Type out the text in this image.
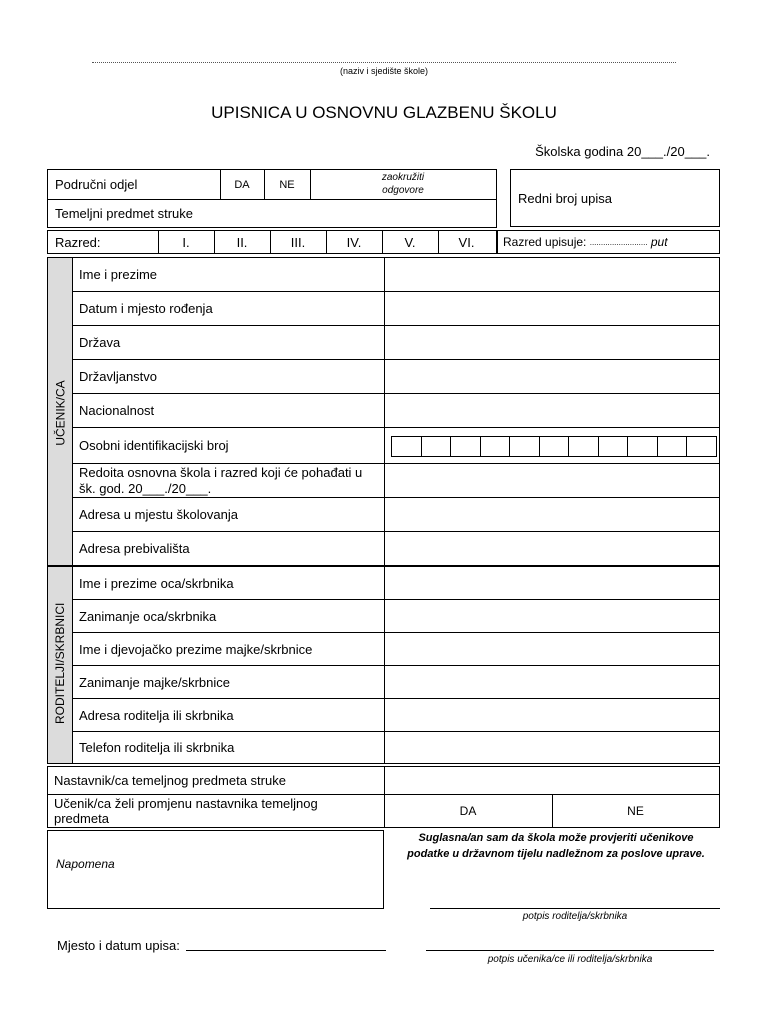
(naziv i sjedište škole)
UPISNICA U OSNOVNU GLAZBENU ŠKOLU
Školska godina 20___./20___.
Područni odjel	DA	NE
zaokružiti
odgovore
Temeljni predmet struke
Redni broj upisa
Razred:	I.	II.	III.	IV.	V.	VI.	Razred upisuje:
..........................
put
UČENIK/CA
Ime i prezime
Datum i mjesto rođenja
Država
Državljanstvo
Nacionalnost
Osobni identifikacijski broj
Redoita osnovna škola i razred koji će pohađati u šk. god. 20___./20___.
Adresa u mjestu školovanja
Adresa prebivališta
RODITELJI/SKRBNICI
Ime i prezime oca/skrbnika
Zanimanje oca/skrbnika
Ime i djevojačko prezime majke/skrbnice
Zanimanje majke/skrbnice
Adresa roditelja ili skrbnika
Telefon roditelja ili skrbnika
Nastavnik/ca temeljnog predmeta struke
Učenik/ca želi promjenu nastavnika temeljnog predmeta	DA	NE
Napomena
Suglasna/an sam da škola može provjeriti učenikove podatke u državnom tijelu nadležnom za poslove uprave.
potpis roditelja/skrbnika
Mjesto i datum upisa:
potpis učenika/ce ili roditelja/skrbnika
